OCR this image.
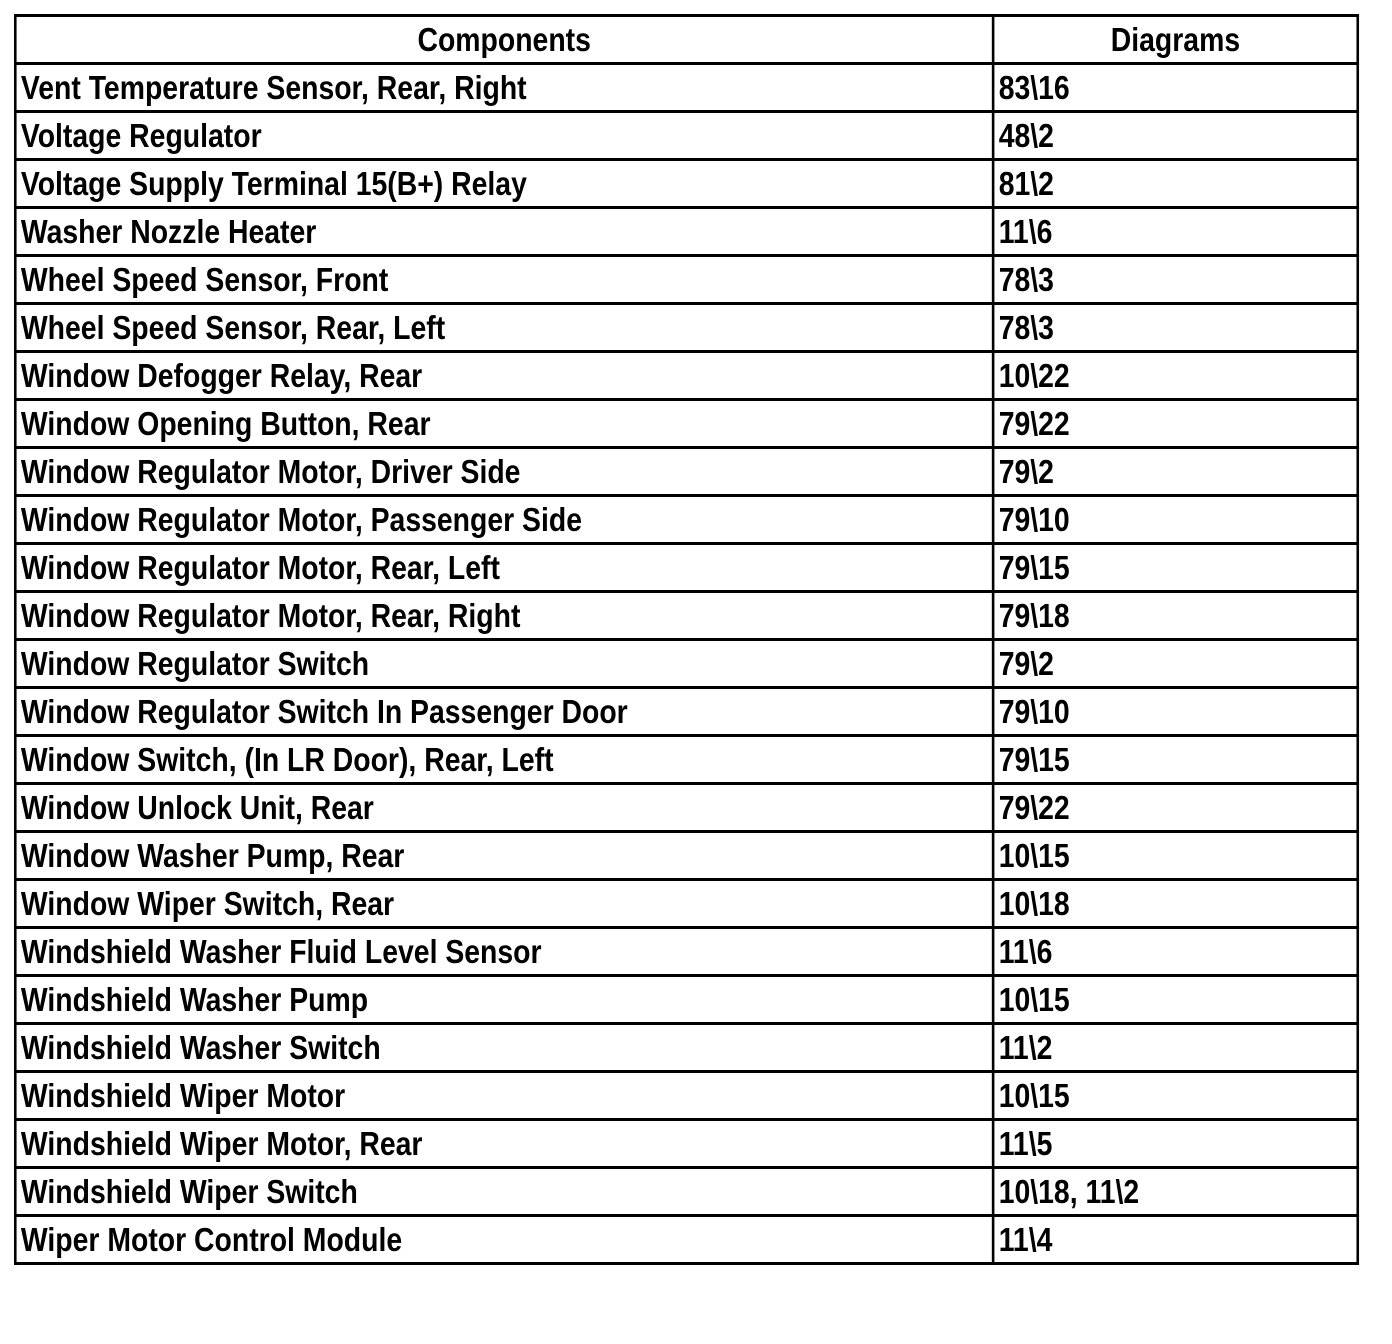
Components	Diagrams
Vent Temperature Sensor, Rear, Right	83\16
Voltage Regulator	48\2
Voltage Supply Terminal 15(B+) Relay	81\2
Washer Nozzle Heater	11\6
Wheel Speed Sensor, Front	78\3
Wheel Speed Sensor, Rear, Left	78\3
Window Defogger Relay, Rear	10\22
Window Opening Button, Rear	79\22
Window Regulator Motor, Driver Side	79\2
Window Regulator Motor, Passenger Side	79\10
Window Regulator Motor, Rear, Left	79\15
Window Regulator Motor, Rear, Right	79\18
Window Regulator Switch	79\2
Window Regulator Switch In Passenger Door	79\10
Window Switch, (In LR Door), Rear, Left	79\15
Window Unlock Unit, Rear	79\22
Window Washer Pump, Rear	10\15
Window Wiper Switch, Rear	10\18
Windshield Washer Fluid Level Sensor	11\6
Windshield Washer Pump	10\15
Windshield Washer Switch	11\2
Windshield Wiper Motor	10\15
Windshield Wiper Motor, Rear	11\5
Windshield Wiper Switch	10\18, 11\2
Wiper Motor Control Module	11\4
